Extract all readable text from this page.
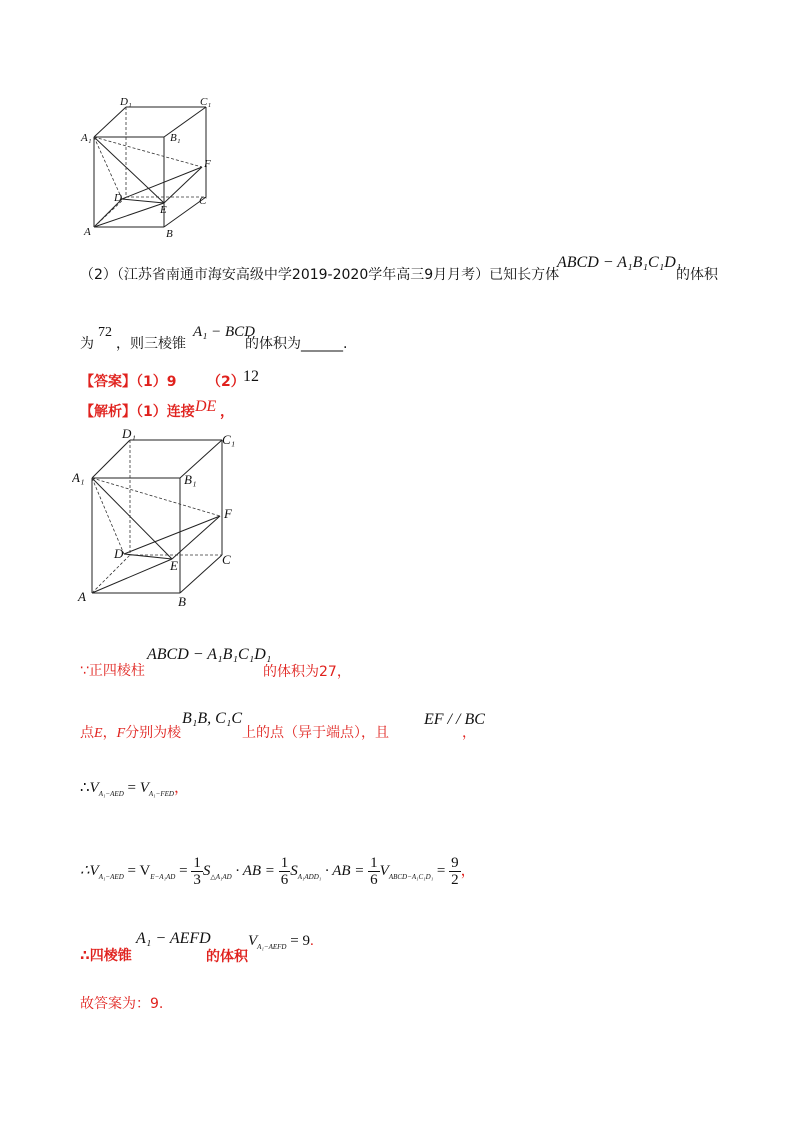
D₁	C₁
A₁	B₁
F
D
E
C
A	B
（2）（江苏省南通市海安高级中学2019-2020学年高三9月月考）已知长方体
ABCD − A₁B₁C₁D₁
的体积
为
72
，则三棱锥
A₁ − BCD
的体积为______.
【答案】（1）9 （2）
12
【解析】（1）连接 DE ，
D₁	C₁
A₁	B₁
F
D
E	C
A	B
∵正四棱柱
ABCD − A₁B₁C₁D₁
的体积为27，
点E，F分别为棱
B₁B, C₁C
上的点（异于端点），且
EF / / BC
，
$\therefore V_{A_1-AED} = V_{A_1-FED}$，
$\therefore V_{A_1-AED} = V_{E-A_1AD} = \frac{1}{3} S_{\triangle A_1AD}$ · AB = $\frac{1}{6} S_{A_1ADD_1}$ · AB = $\frac{1}{6} V_{ABCD-A_1C_1D_1} = \frac{9}{2}$ ，
∴四棱锥
A₁ − AEFD
的体积
$V_{A_1-AEFD} = 9$.
故答案为：9.
